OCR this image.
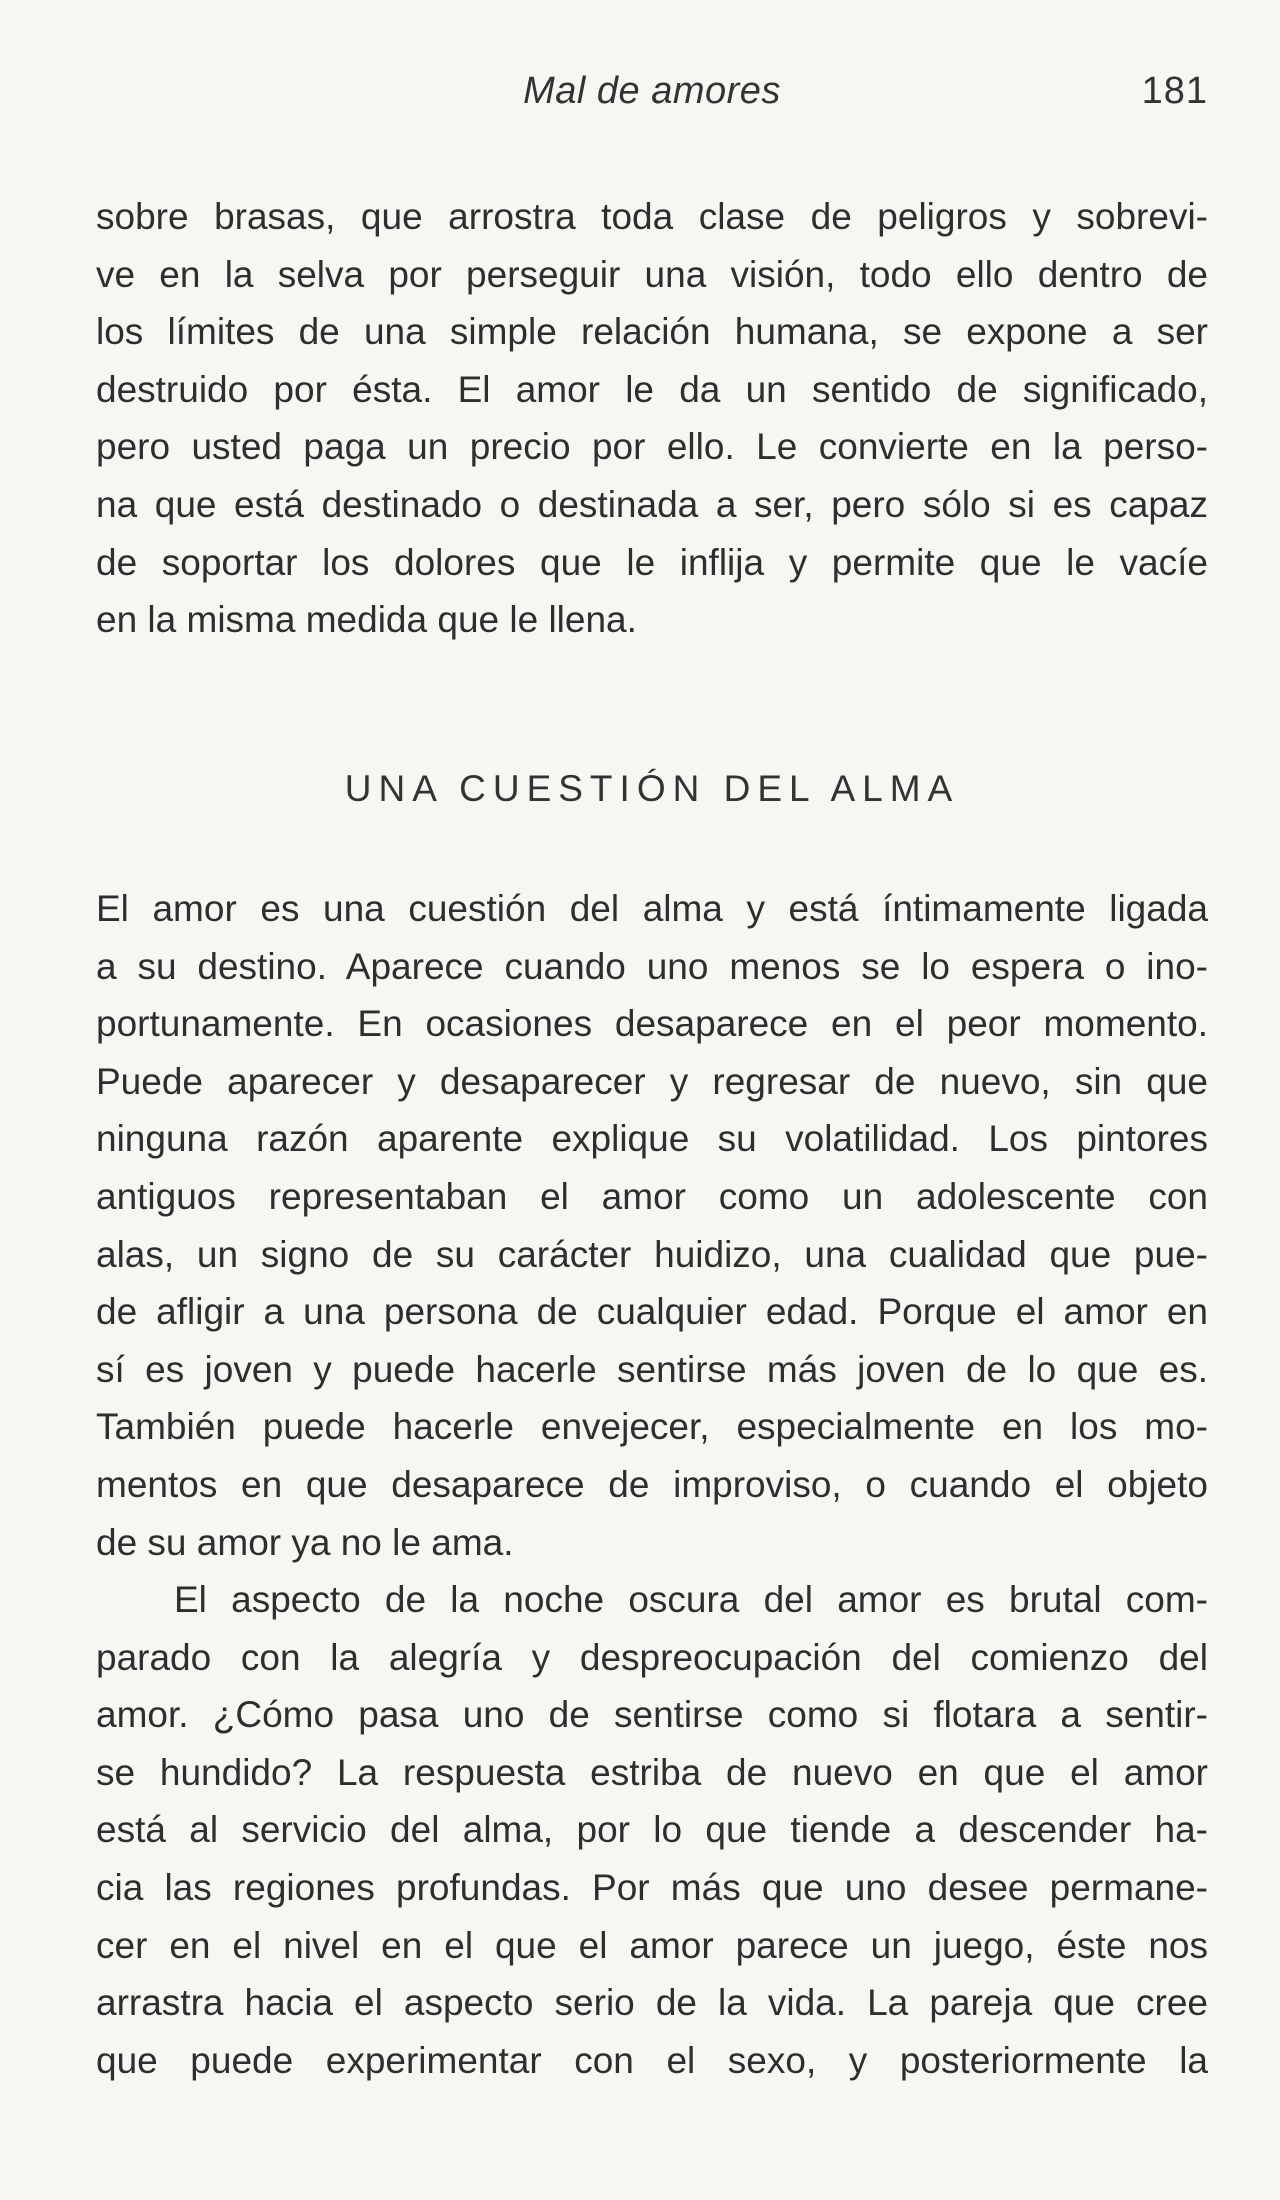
Mal de amores	181
sobre brasas, que arrostra toda clase de peligros y sobrevi-
ve en la selva por perseguir una visión, todo ello dentro de
los límites de una simple relación humana, se expone a ser
destruido por ésta. El amor le da un sentido de significado,
pero usted paga un precio por ello. Le convierte en la perso-
na que está destinado o destinada a ser, pero sólo si es capaz
de soportar los dolores que le inflija y permite que le vacíe
en la misma medida que le llena.
UNA CUESTIÓN DEL ALMA
El amor es una cuestión del alma y está íntimamente ligada
a su destino. Aparece cuando uno menos se lo espera o ino-
portunamente. En ocasiones desaparece en el peor momento.
Puede aparecer y desaparecer y regresar de nuevo, sin que
ninguna razón aparente explique su volatilidad. Los pintores
antiguos representaban el amor como un adolescente con
alas, un signo de su carácter huidizo, una cualidad que pue-
de afligir a una persona de cualquier edad. Porque el amor en
sí es joven y puede hacerle sentirse más joven de lo que es.
También puede hacerle envejecer, especialmente en los mo-
mentos en que desaparece de improviso, o cuando el objeto
de su amor ya no le ama.
El aspecto de la noche oscura del amor es brutal com-
parado con la alegría y despreocupación del comienzo del
amor. ¿Cómo pasa uno de sentirse como si flotara a sentir-
se hundido? La respuesta estriba de nuevo en que el amor
está al servicio del alma, por lo que tiende a descender ha-
cia las regiones profundas. Por más que uno desee permane-
cer en el nivel en el que el amor parece un juego, éste nos
arrastra hacia el aspecto serio de la vida. La pareja que cree
que puede experimentar con el sexo, y posteriormente la
